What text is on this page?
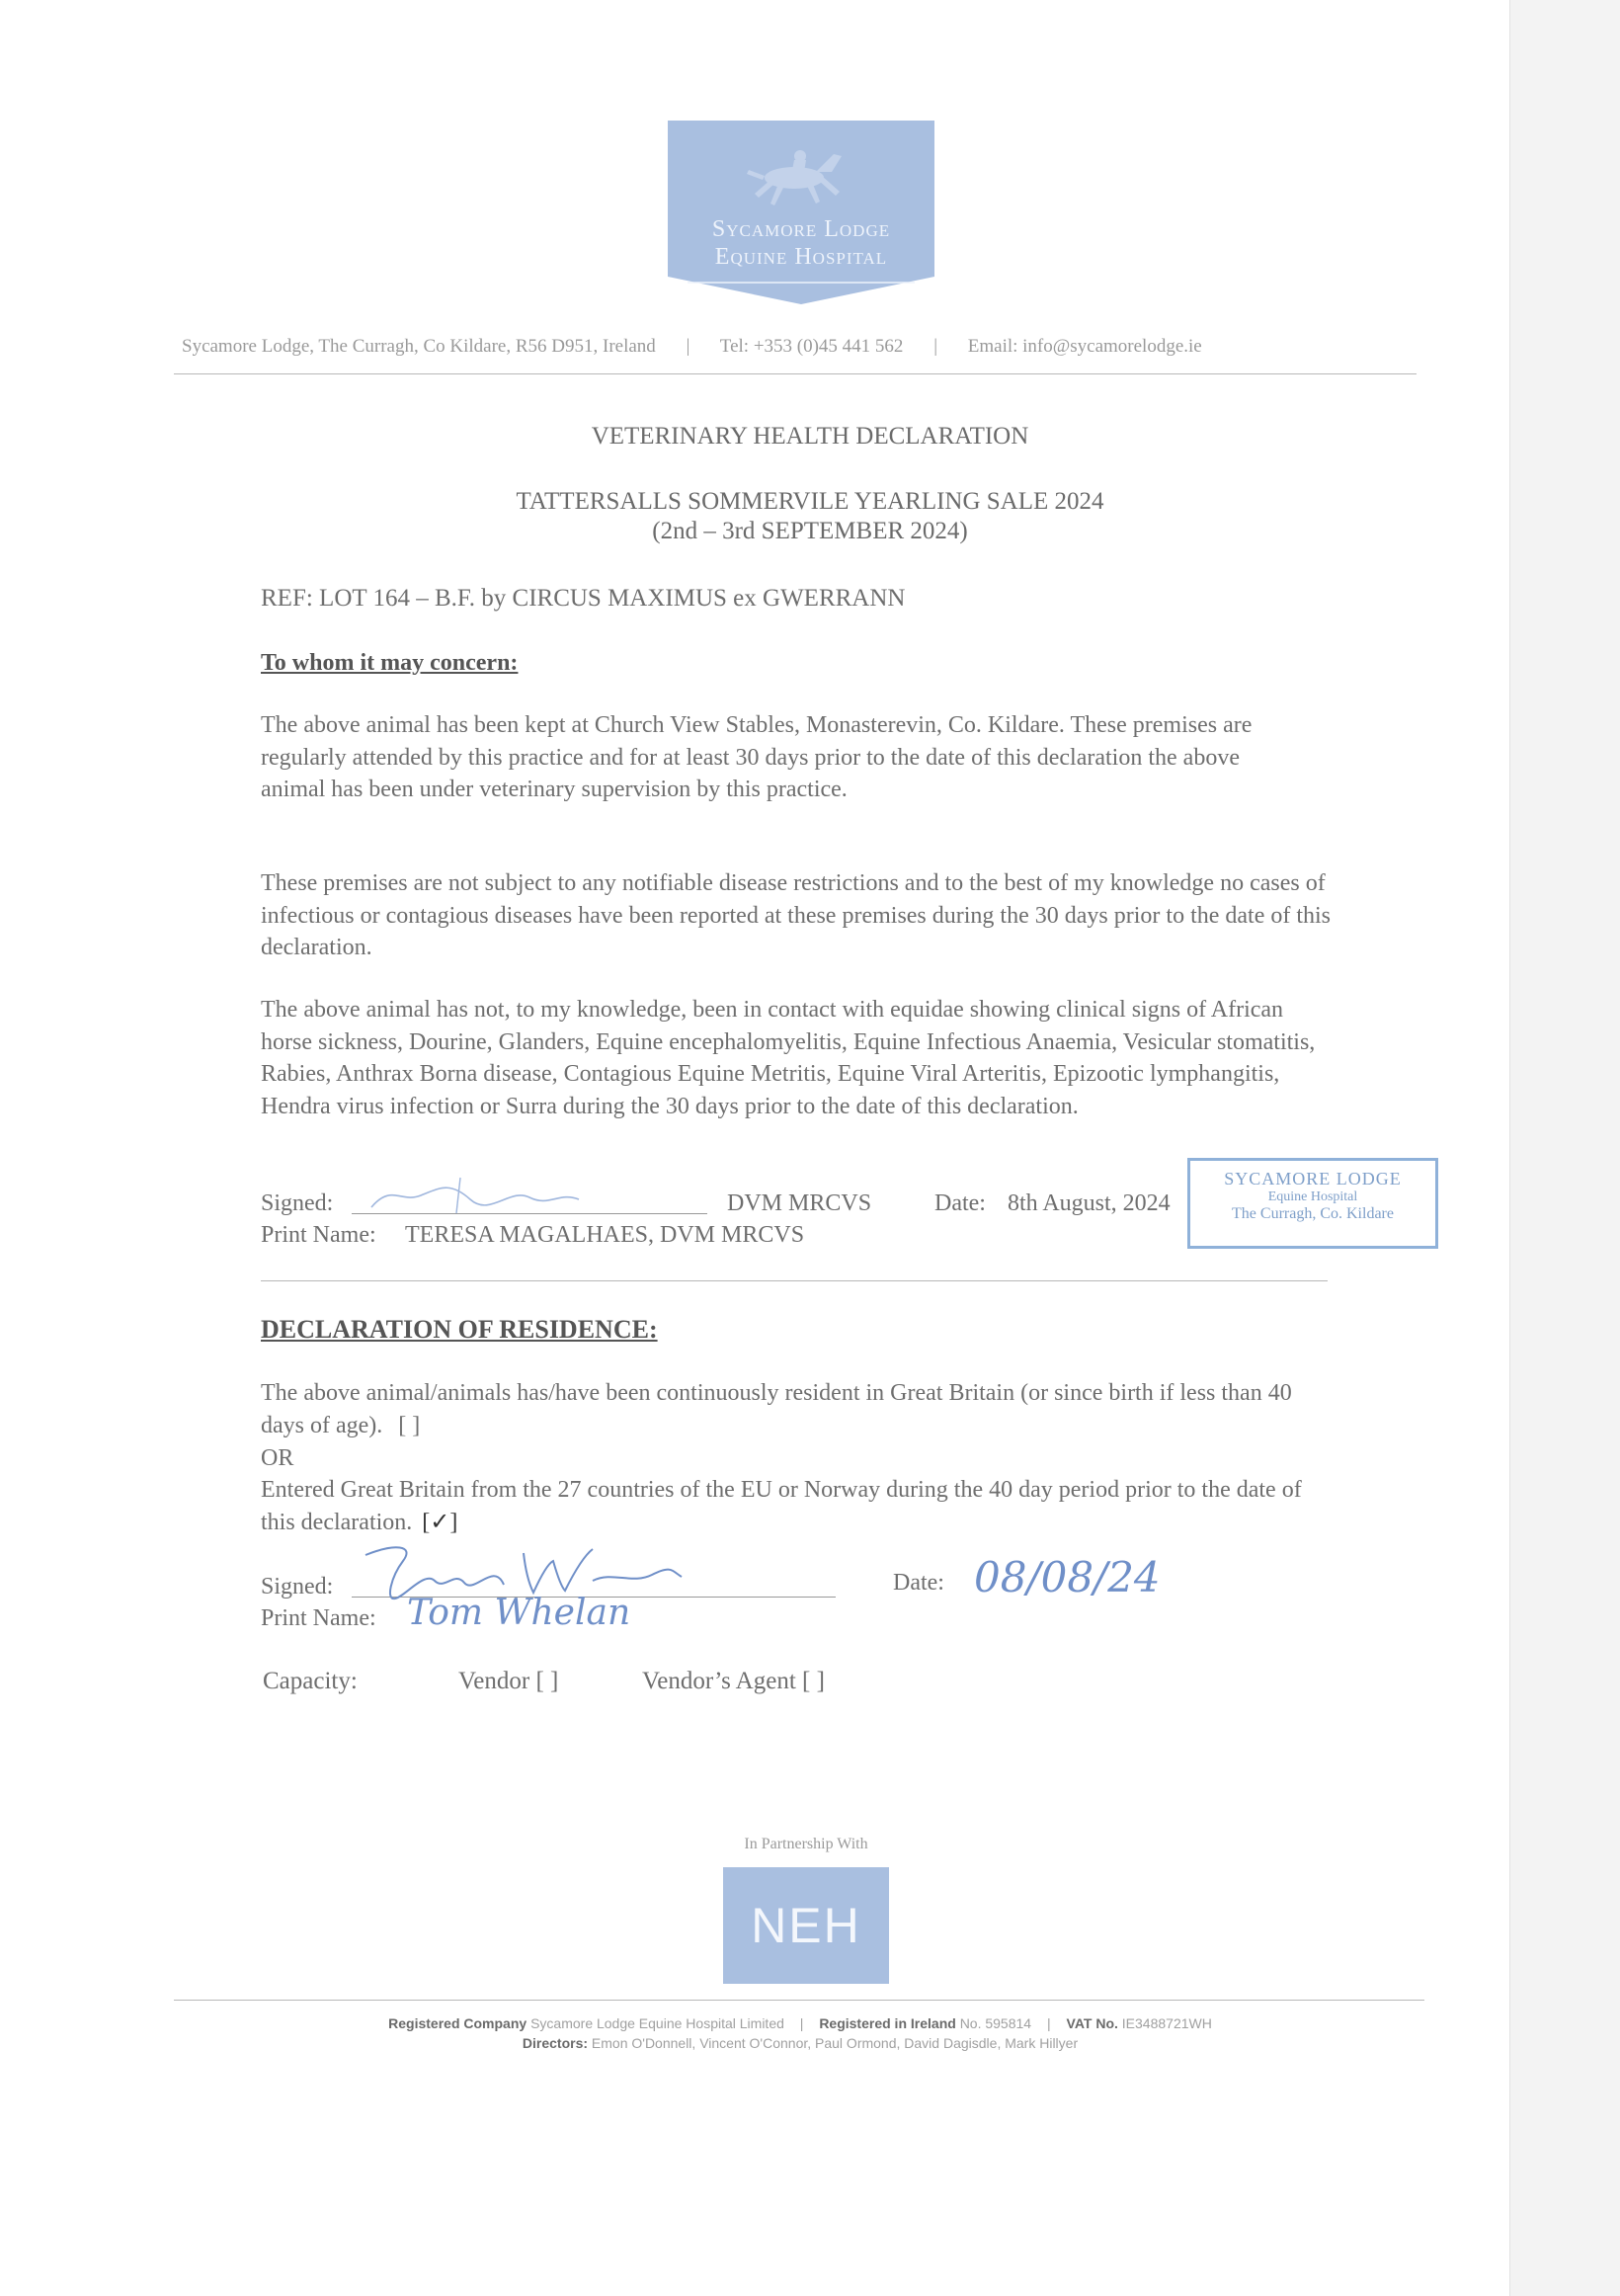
Sycamore Lodge
Equine Hospital
Sycamore Lodge, The Curragh, Co Kildare, R56 D951, Ireland | Tel: +353 (0)45 441 562 | Email: info@sycamorelodge.ie
VETERINARY HEALTH DECLARATION
TATTERSALLS SOMMERVILE YEARLING SALE 2024
(2nd – 3rd SEPTEMBER 2024)
REF: LOT 164 – B.F. by CIRCUS MAXIMUS ex GWERRANN
To whom it may concern:
The above animal has been kept at Church View Stables, Monasterevin, Co. Kildare. These premises are regularly attended by this practice and for at least 30 days prior to the date of this declaration the above animal has been under veterinary supervision by this practice.
These premises are not subject to any notifiable disease restrictions and to the best of my knowledge no cases of infectious or contagious diseases have been reported at these premises during the 30 days prior to the date of this declaration.
The above animal has not, to my knowledge, been in contact with equidae showing clinical signs of African horse sickness, Dourine, Glanders, Equine encephalomyelitis, Equine Infectious Anaemia, Vesicular stomatitis, Rabies, Anthrax Borna disease, Contagious Equine Metritis, Equine Viral Arteritis, Epizootic lymphangitis, Hendra virus infection or Surra during the 30 days prior to the date of this declaration.
Signed:	DVM MRCVS	Date: 8th August, 2024
Print Name: TERESA MAGALHAES, DVM MRCVS
SYCAMORE LODGE
Equine Hospital
The Curragh, Co. Kildare
DECLARATION OF RESIDENCE:
The above animal/animals has/have been continuously resident in Great Britain (or since birth if less than 40 days of age). [ ]
OR
Entered Great Britain from the 27 countries of the EU or Norway during the 40 day period prior to the date of this declaration. [✓]
Signed:	Date: 08/08/24
Print Name: Tom Whelan
Capacity:	Vendor [ ]	Vendor’s Agent [ ]
In Partnership With
NEH
Registered Company Sycamore Lodge Equine Hospital Limited | Registered in Ireland No. 595814 | VAT No. IE3488721WH
Directors: Emon O'Donnell, Vincent O'Connor, Paul Ormond, David Dagisdle, Mark Hillyer
